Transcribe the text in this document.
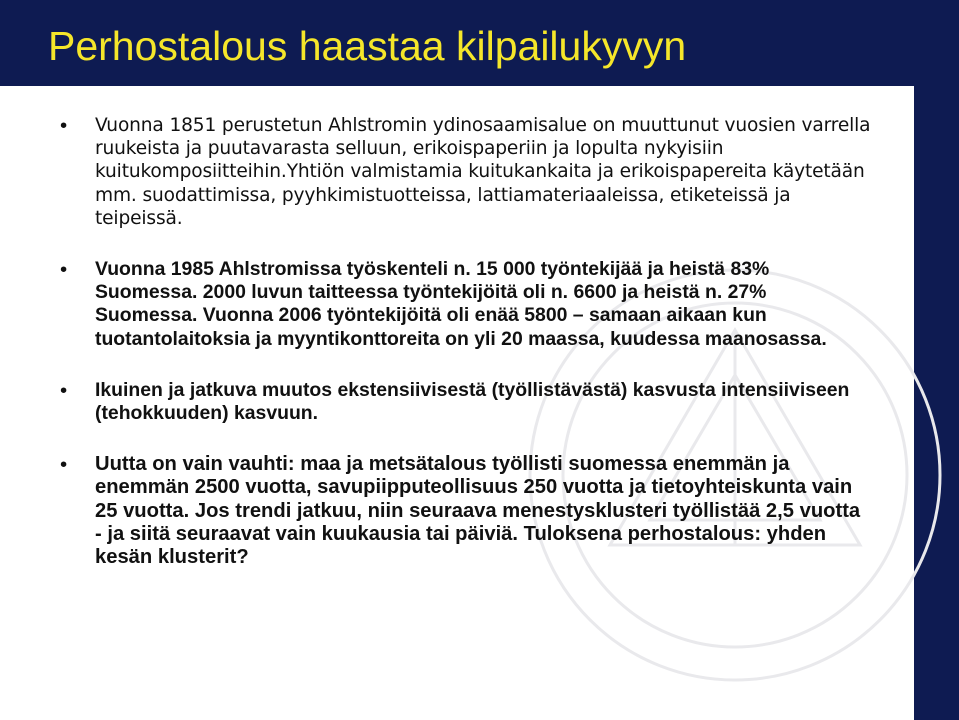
Perhostalous haastaa kilpailukyvyn
• Vuonna 1851 perustetun Ahlstromin ydinosaamisalue on muuttunut vuosien varrella ruukeista ja puutavarasta selluun, erikoispaperiin ja lopulta nykyisiin kuitukomposiitteihin.Yhtiön valmistamia kuitukankaita ja erikoispapereita käytetään mm. suodattimissa, pyyhkimistuotteissa, lattiamateriaaleissa, etiketeissä ja teipeissä.
• Vuonna 1985 Ahlstromissa työskenteli n. 15 000 työntekijää ja heistä 83% Suomessa. 2000 luvun taitteessa työntekijöitä oli n. 6600 ja heistä n. 27% Suomessa. Vuonna 2006 työntekijöitä oli enää 5800 – samaan aikaan kun tuotantolaitoksia ja myyntikonttoreita on yli 20 maassa, kuudessa maanosassa.
• Ikuinen ja jatkuva muutos ekstensiivisestä (työllistävästä) kasvusta intensiiviseen (tehokkuuden) kasvuun.
• Uutta on vain vauhti: maa ja metsätalous työllisti suomessa enemmän ja enemmän 2500 vuotta, savupiipputeollisuus 250 vuotta ja tietoyhteiskunta vain 25 vuotta. Jos trendi jatkuu, niin seuraava menestysklusteri työllistää 2,5 vuotta - ja siitä seuraavat vain kuukausia tai päiviä. Tuloksena perhostalous: yhden kesän klusterit?
